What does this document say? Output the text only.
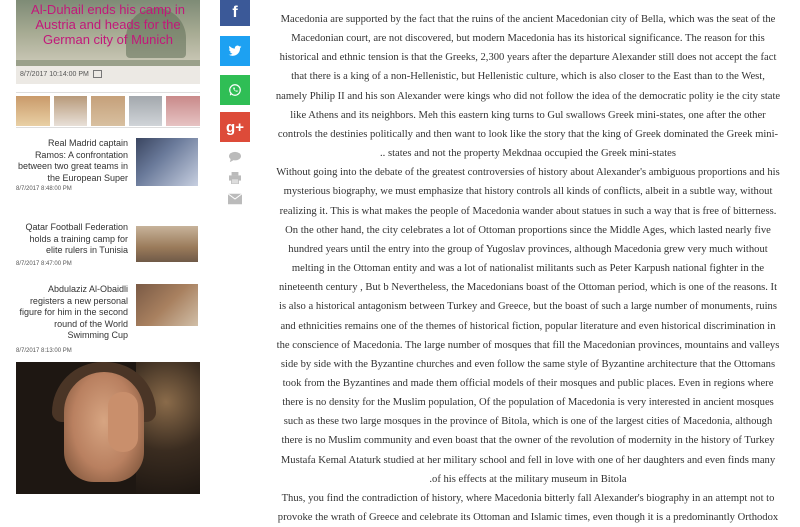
Al-Duhail ends his camp in Austria and heads for the German city of Munich
8/7/2017 10:14:00 PM
Real Madrid captain Ramos: A confrontation between two great teams in the European Super
8/7/2017 8:48:00 PM
Qatar Football Federation holds a training camp for elite rulers in Tunisia
8/7/2017 8:47:00 PM
Abdulaziz Al-Obaidli registers a new personal figure for him in the second round of the World Swimming Cup
8/7/2017 8:13:00 PM
f
g+

Macedonia are supported by the fact that the ruins of the ancient Macedonian city of Bella, which was the seat of the

Macedonian court, are not discovered, but modern Macedonia has its historical significance. The reason for this

historical and ethnic tension is that the Greeks, 2,300 years after the departure Alexander still does not accept the fact

that there is a king of a non-Hellenistic, but Hellenistic culture, which is also closer to the East than to the West,

namely Philip II and his son Alexander were kings who did not follow the idea of the democratic polity ie the city state

like Athens and its neighbors. Meh this eastern king turns to Gul swallows Greek mini-states, one after the other

controls the destinies politically and then want to look like the story that the king of Greek dominated the Greek mini-

.. states and not the property Mekdnaa occupied the Greek mini-states

Without going into the debate of the greatest controversies of history about Alexander's ambiguous proportions and his

mysterious biography, we must emphasize that history controls all kinds of conflicts, albeit in a subtle way, without

realizing it. This is what makes the people of Macedonia wander about statues in such a way that is free of bitterness.

On the other hand, the city celebrates a lot of Ottoman proportions since the Middle Ages, which lasted nearly five

hundred years until the entry into the group of Yugoslav provinces, although Macedonia grew very much without

melting in the Ottoman entity and was a lot of nationalist militants such as Peter Karpush national fighter in the

nineteenth century , But b Nevertheless, the Macedonians boast of the Ottoman period, which is one of the reasons. It

is also a historical antagonism between Turkey and Greece, but the boast of such a large number of monuments, ruins

and ethnicities remains one of the themes of historical fiction, popular literature and even historical discrimination in

the conscience of Macedonia. The large number of mosques that fill the Macedonian provinces, mountains and valleys

side by side with the Byzantine churches and even follow the same style of Byzantine architecture that the Ottomans

took from the Byzantines and made them official models of their mosques and public places. Even in regions where

there is no density for the Muslim population, Of the population of Macedonia is very interested in ancient mosques

such as these two large mosques in the province of Bitola, which is one of the largest cities of Macedonia, although

there is no Muslim community and even boast that the owner of the revolution of modernity in the history of Turkey

Mustafa Kemal Ataturk studied at her military school and fell in love with one of her daughters and even finds many

.of his effects at the military museum in Bitola

Thus, you find the contradiction of history, where Macedonia bitterly fall Alexander's biography in an attempt not to

provoke the wrath of Greece and celebrate its Ottoman and Islamic times, even though it is a predominantly Orthodox
